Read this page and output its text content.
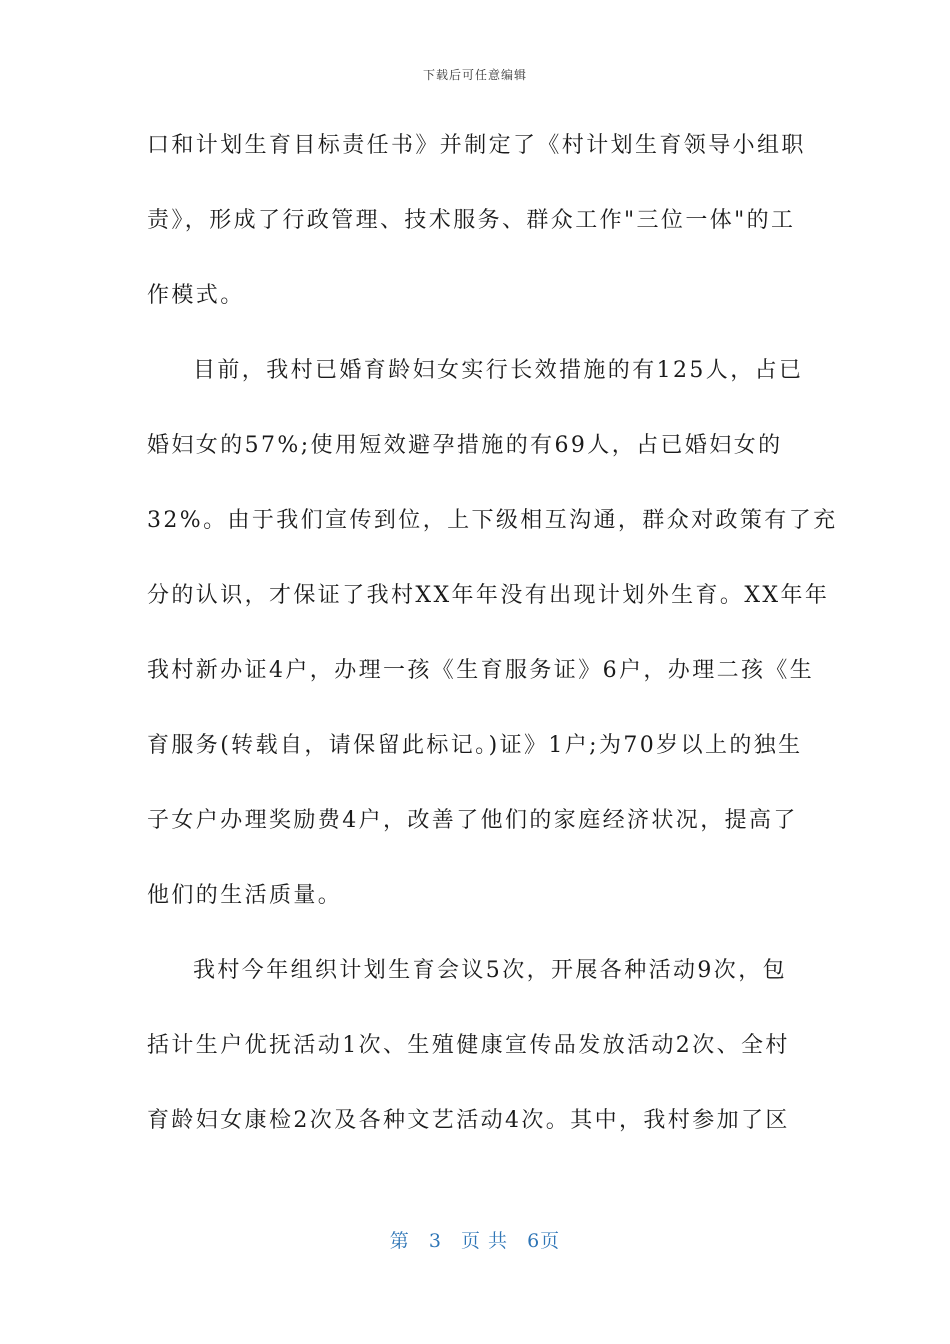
下载后可任意编辑
口和计划生育目标责任书》并制定了《村计划生育领导小组职
责》，形成了行政管理、技术服务、群众工作"三位一体"的工
作模式。
目前，我村已婚育龄妇女实行长效措施的有125人，占已
婚妇女的57%;使用短效避孕措施的有69人，占已婚妇女的
32%。由于我们宣传到位，上下级相互沟通，群众对政策有了充
分的认识，才保证了我村XX年年没有出现计划外生育。XX年年
我村新办证4户，办理一孩《生育服务证》6户，办理二孩《生
育服务(转载自，请保留此标记。)证》1户;为70岁以上的独生
子女户办理奖励费4户，改善了他们的家庭经济状况，提高了
他们的生活质量。
我村今年组织计划生育会议5次，开展各种活动9次，包
括计生户优抚活动1次、生殖健康宣传品发放活动2次、全村
育龄妇女康检2次及各种文艺活动4次。其中，我村参加了区
第 3 页 共 6页
